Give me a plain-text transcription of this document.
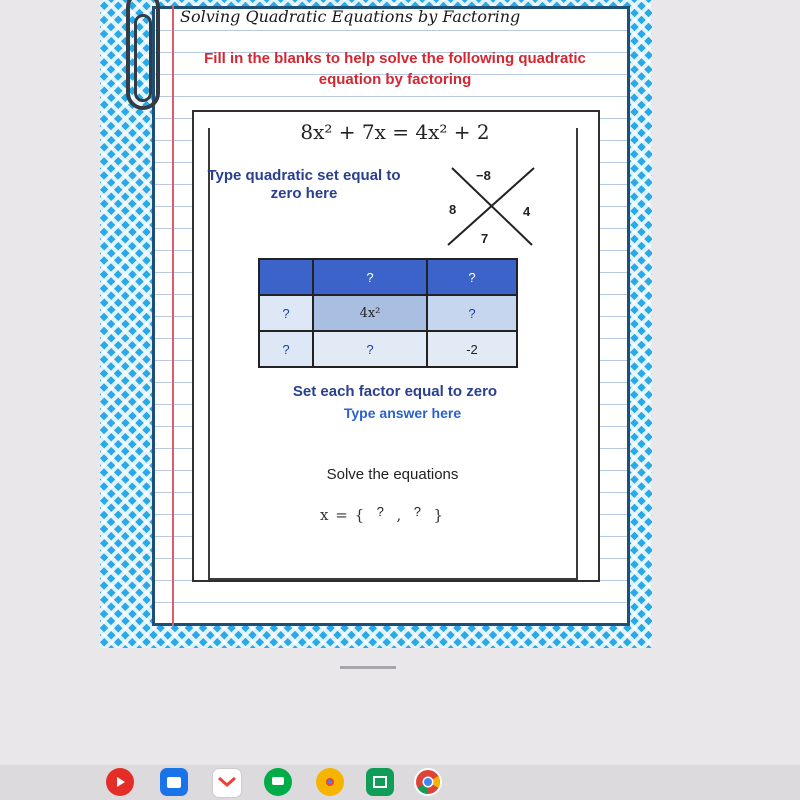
Solving Quadratic Equations by Factoring
Fill in the blanks to help solve the following quadratic equation by factoring
8x² + 7x = 4x² + 2
Type quadratic set equal to zero here
−8
8	4
7
	?	?
?	4x²	?
?	?	-2
Set each factor equal to zero
Type answer here
Solve the equations
x = { ? , ? }
